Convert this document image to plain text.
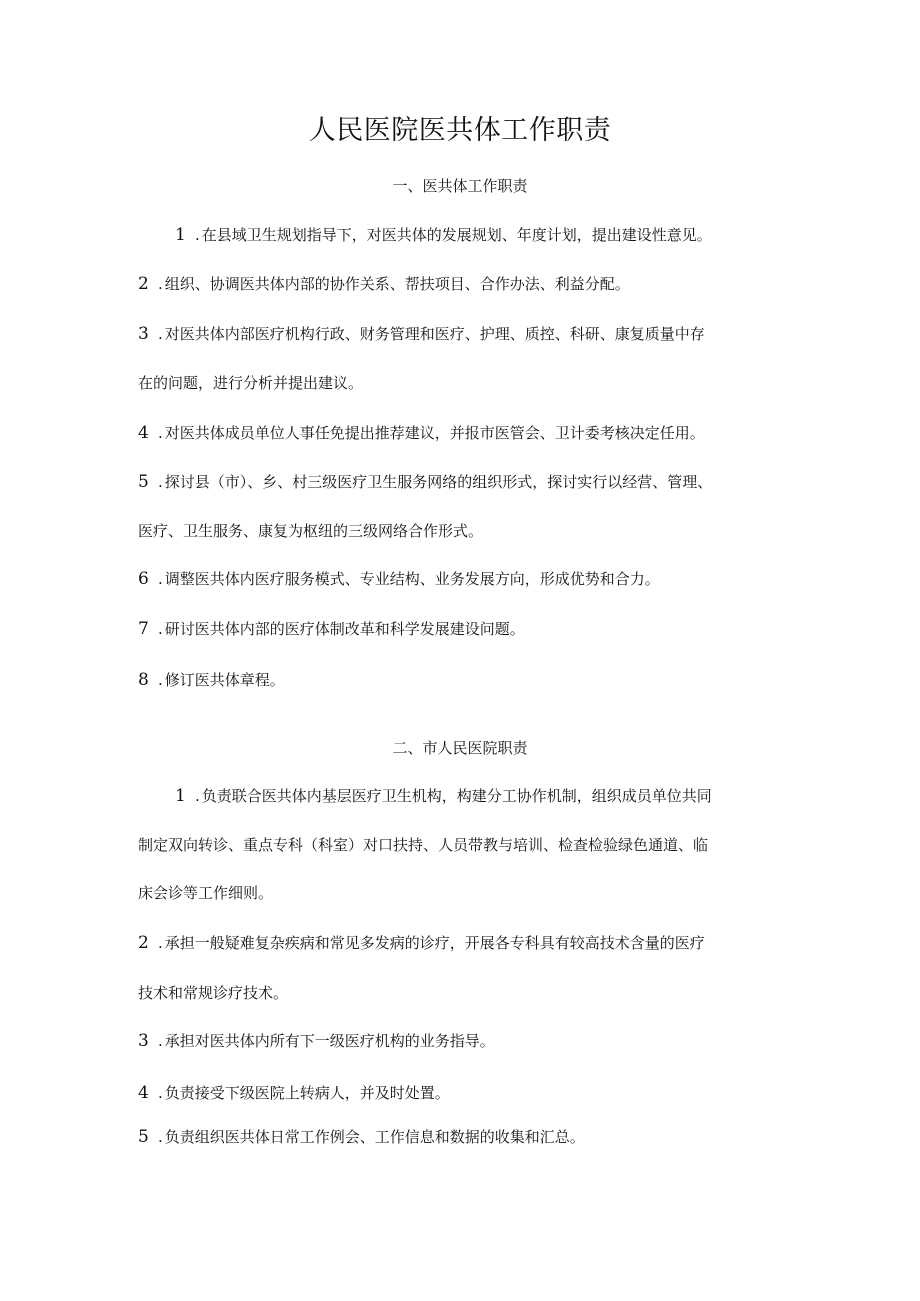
人民医院医共体工作职责
一、医共体工作职责
1 . 在县域卫生规划指导下，对医共体的发展规划、年度计划，提出建设性意见。
2 . 组织、协调医共体内部的协作关系、帮扶项目、合作办法、利益分配。
3 . 对医共体内部医疗机构行政、财务管理和医疗、护理、质控、科研、康复质量中存
在的问题，进行分析并提出建议。
4 . 对医共体成员单位人事任免提出推荐建议，并报市医管会、卫计委考核决定任用。
5 . 探讨县（市）、乡、村三级医疗卫生服务网络的组织形式，探讨实行以经营、管理、
医疗、卫生服务、康复为枢纽的三级网络合作形式。
6 . 调整医共体内医疗服务模式、专业结构、业务发展方向，形成优势和合力。
7 . 研讨医共体内部的医疗体制改革和科学发展建设问题。
8 . 修订医共体章程。
二、市人民医院职责
1 . 负责联合医共体内基层医疗卫生机构，构建分工协作机制，组织成员单位共同
制定双向转诊、重点专科（科室）对口扶持、人员带教与培训、检查检验绿色通道、临
床会诊等工作细则。
2 . 承担一般疑难复杂疾病和常见多发病的诊疗，开展各专科具有较高技术含量的医疗
技术和常规诊疗技术。
3 . 承担对医共体内所有下一级医疗机构的业务指导。
4 . 负责接受下级医院上转病人，并及时处置。
5 . 负责组织医共体日常工作例会、工作信息和数据的收集和汇总。
